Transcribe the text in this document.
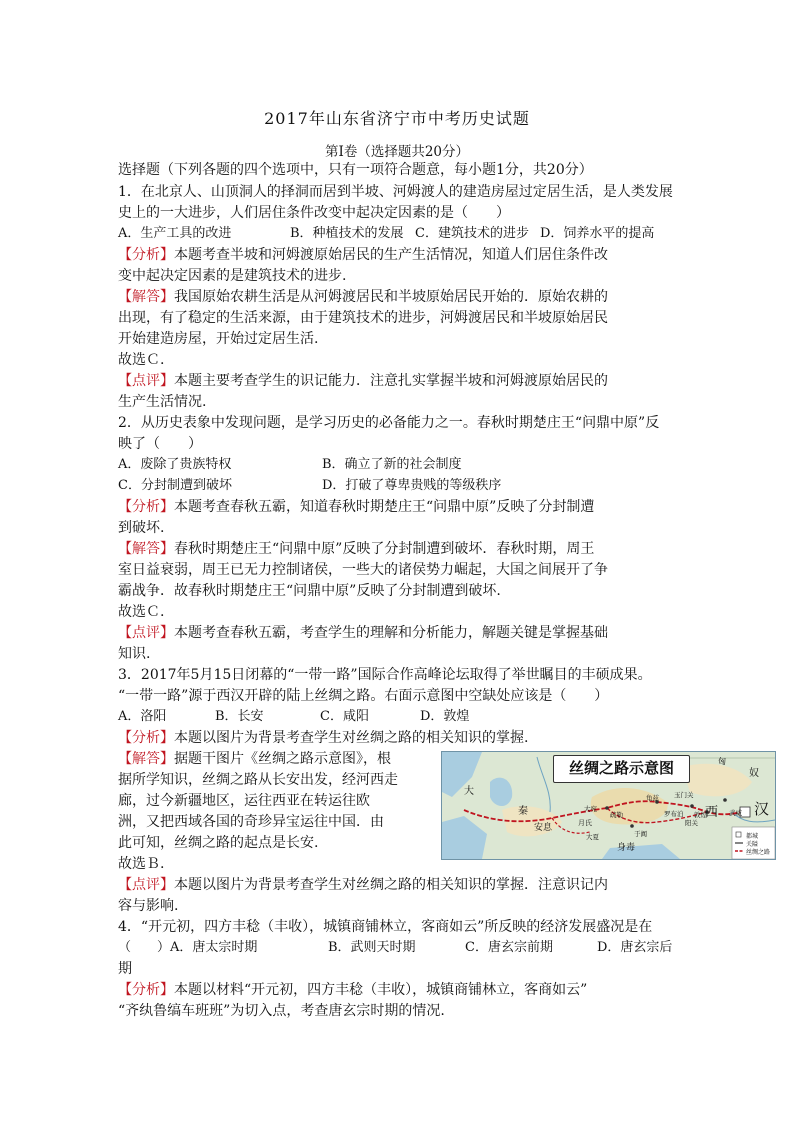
2017年山东省济宁市中考历史试题
第Ⅰ卷（选择题共20分）
选择题（下列各题的四个选项中，只有一项符合题意，每小题1分，共20分）
1．在北京人、山顶洞人的择洞而居到半坡、河姆渡人的建造房屋过定居生活，是人类发展
史上的一大进步，人们居住条件改变中起决定因素的是（　　）
A．生产工具的改进	B．种植技术的发展 C．建筑技术的进步 D．饲养水平的提高
【分析】本题考查半坡和河姆渡原始居民的生产生活情况，知道人们居住条件改
变中起决定因素的是建筑技术的进步.
【解答】我国原始农耕生活是从河姆渡居民和半坡原始居民开始的．原始农耕的
出现，有了稳定的生活来源，由于建筑技术的进步，河姆渡居民和半坡原始居民
开始建造房屋，开始过定居生活.
故选Ｃ.
【点评】本题主要考查学生的识记能力．注意扎实掌握半坡和河姆渡原始居民的
生产生活情况.
2．从历史表象中发现问题，是学习历史的必备能力之一。春秋时期楚庄王“问鼎中原”反
映了（　　）
A．废除了贵族特权	B．确立了新的社会制度
C．分封制遭到破坏	D．打破了尊卑贵贱的等级秩序
【分析】本题考查春秋五霸，知道春秋时期楚庄王“问鼎中原”反映了分封制遭
到破坏.
【解答】春秋时期楚庄王“问鼎中原”反映了分封制遭到破坏．春秋时期，周王
室日益衰弱，周王已无力控制诸侯，一些大的诸侯势力崛起，大国之间展开了争
霸战争．故春秋时期楚庄王“问鼎中原”反映了分封制遭到破坏.
故选Ｃ.
【点评】本题考查春秋五霸，考查学生的理解和分析能力，解题关键是掌握基础
知识.
3．2017年5月15日闭幕的“一带一路”国际合作高峰论坛取得了举世瞩目的丰硕成果。
“一带一路”源于西汉开辟的陆上丝绸之路。右面示意图中空缺处应该是（　　）
A．洛阳	B．长安	C．咸阳	D．敦煌
【分析】本题以图片为背景考查学生对丝绸之路的相关知识的掌握.
【解答】据题干图片《丝绸之路示意图》，根
据所学知识，丝绸之路从长安出发，经河西走
廊，过今新疆地区，运往西亚在转运往欧
洲，又把西域各国的奇珍异宝运往中国．由
此可知，丝绸之路的起点是长安.
故选Ｂ.
【点评】本题以图片为背景考查学生对丝绸之路的相关知识的掌握．注意识记内
容与影响.
丝绸之路示意图	奴
匈
汉
西
秦
大
安息	月氏
身毒
玉门关
敦煌	武威
大宛
龟兹
疏勒
于阗
阳关
罗布泊
大夏	都城
关隘
丝绸之路
4．“开元初，四方丰稔（丰收），城镇商铺林立，客商如云”所反映的经济发展盛况是在
（　　）A．唐太宗时期	B．武则天时期	C．唐玄宗前期	D．唐玄宗后
期
【分析】本题以材料“开元初，四方丰稔（丰收），城镇商铺林立，客商如云”
“齐纨鲁缟车班班”为切入点，考查唐玄宗时期的情况.
